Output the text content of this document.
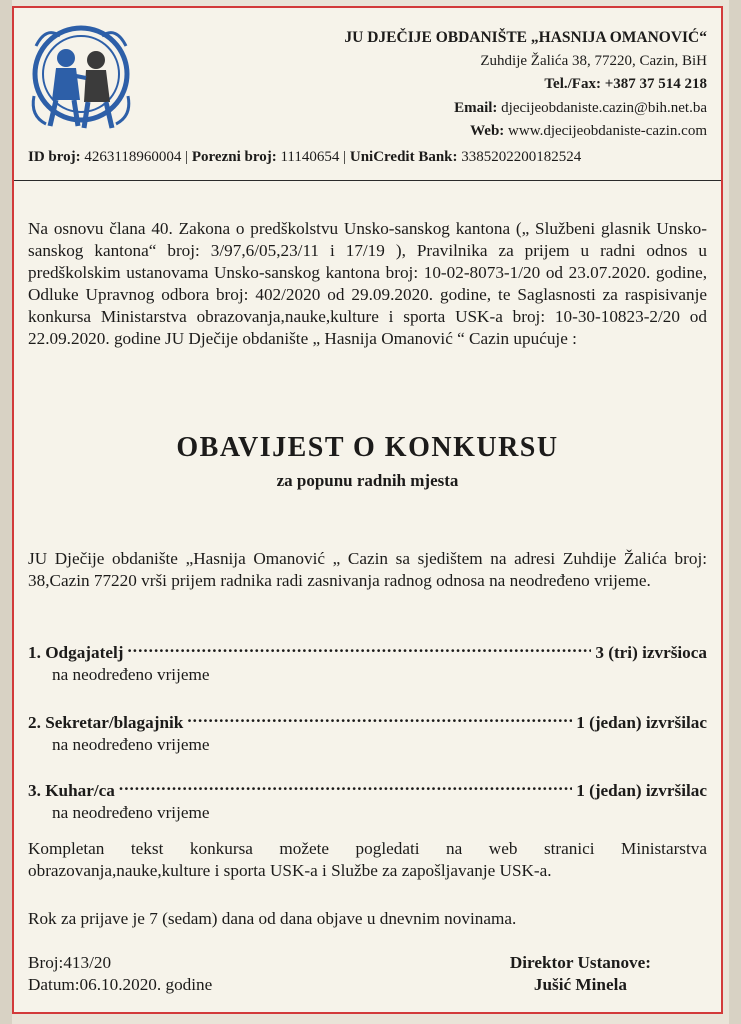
JU DJEČIJE OBDANIŠTE „HASNIJA OMANOVIĆ“
Zuhdije Žalića 38, 77220, Cazin, BiH
Tel./Fax: +387 37 514 218
Email: djecijeobdaniste.cazin@bih.net.ba
Web: www.djecijeobdaniste-cazin.com
ID broj: 4263118960004 | Porezni broj: 11140654 | UniCredit Bank: 3385202200182524
Na osnovu člana 40. Zakona o predškolstvu Unsko-sanskog kantona („ Službeni glasnik Unsko-sanskog kantona“ broj: 3/97,6/05,23/11 i 17/19 ), Pravilnika za prijem u radni odnos u predškolskim ustanovama Unsko-sanskog kantona broj: 10-02-8073-1/20 od 23.07.2020. godine, Odluke Upravnog odbora broj: 402/2020 od 29.09.2020. godine, te Saglasnosti za raspisivanje konkursa Ministarstva obrazovanja,nauke,kulture i sporta USK-a broj: 10-30-10823-2/20 od 22.09.2020. godine JU Dječije obdanište „ Hasnija Omanović “ Cazin upućuje :
OBAVIJEST O KONKURSU
za popunu radnih mjesta
JU Dječije obdanište „Hasnija Omanović „ Cazin sa sjedištem na adresi Zuhdije Žalića broj: 38,Cazin 77220 vrši prijem radnika radi zasnivanja radnog odnosa na neodređeno vrijeme.
1. Odgajatelj .....	3 (tri) izvršioca
na neodređeno vrijeme
2. Sekretar/blagajnik .....	1 (jedan) izvršilac
na neodređeno vrijeme
3. Kuhar/ca .....	1 (jedan) izvršilac
na neodređeno vrijeme
Kompletan tekst konkursa možete pogledati na web stranici Ministarstva obrazovanja,nauke,kulture i sporta USK-a i Službe za zapošljavanje USK-a.
Rok za prijave je 7 (sedam) dana od dana objave u dnevnim novinama.
Broj:413/20
Datum:06.10.2020. godine
Direktor Ustanove:
Jušić Minela
